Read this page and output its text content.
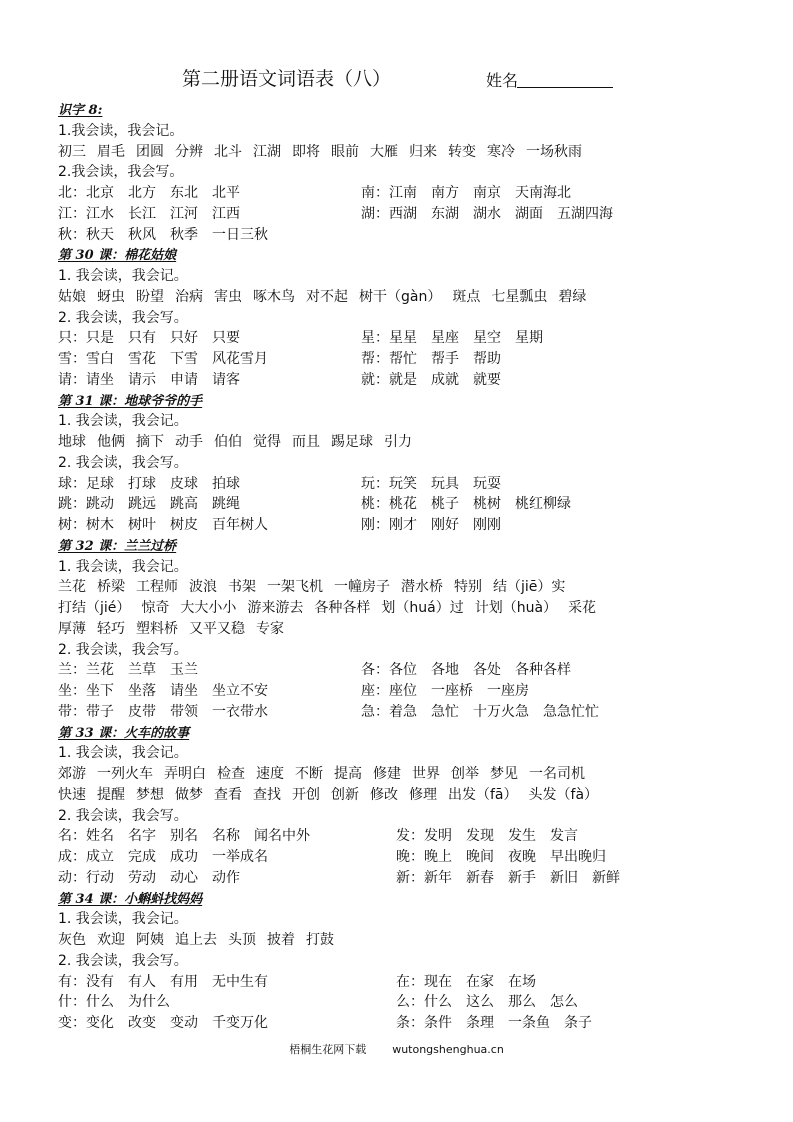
第二册语文词语表（八）	姓名
识字 8:
1.我会读，我会记。
初三 眉毛 团圆 分辨 北斗 江湖 即将 眼前 大雁 归来 转变 寒冷 一场秋雨
2.我会读，我会写。
北：北京　北方　东北　北平	南：江南　南方　南京　天南海北
江：江水　长江　江河　江西	湖：西湖　东湖　湖水　湖面　五湖四海
秋：秋天　秋风　秋季　一日三秋
第 30 课：棉花姑娘
1. 我会读，我会记。
姑娘 蚜虫 盼望 治病 害虫 啄木鸟 对不起 树干（gàn） 斑点 七星瓢虫 碧绿
2. 我会读，我会写。
只：只是　只有　只好　只要	星：星星　星座　星空　星期
雪：雪白　雪花　下雪　风花雪月	帮：帮忙　帮手　帮助
请：请坐　请示　申请　请客	就：就是　成就　就要
第 31 课：地球爷爷的手
1. 我会读，我会记。
地球 他俩 摘下 动手 伯伯 觉得 而且 踢足球 引力
2. 我会读，我会写。
球：足球　打球　皮球　拍球	玩：玩笑　玩具　玩耍
跳：跳动　跳远　跳高　跳绳	桃：桃花　桃子　桃树　桃红柳绿
树：树木　树叶　树皮　百年树人	刚：刚才　刚好　刚刚
第 32 课：兰兰过桥
1. 我会读，我会记。
兰花 桥梁 工程师 波浪 书架 一架飞机 一幢房子 潜水桥 特别 结（jiē）实
打结（jié） 惊奇 大大小小 游来游去 各种各样 划（huá）过 计划（huà） 采花
厚薄 轻巧 塑料桥 又平又稳 专家
2. 我会读，我会写。
兰：兰花　兰草　玉兰	各：各位　各地　各处　各种各样
坐：坐下　坐落　请坐　坐立不安	座：座位　一座桥　一座房
带：带子　皮带　带领　一衣带水	急：着急　急忙　十万火急　急急忙忙
第 33 课：火车的故事
1. 我会读，我会记。
郊游 一列火车 弄明白 检查 速度 不断 提高 修建 世界 创举 梦见 一名司机
快速 提醒 梦想 做梦 查看 查找 开创 创新 修改 修理 出发（fā） 头发（fà）
2. 我会读，我会写。
名：姓名　名字　别名　名称　闻名中外	发：发明　发现　发生　发言
成：成立　完成　成功　一举成名	晚：晚上　晚间　夜晚　早出晚归
动：行动　劳动　动心　动作	新：新年　新春　新手　新旧　新鲜
第 34 课：小蝌蚪找妈妈
1. 我会读，我会记。
灰色 欢迎 阿姨 追上去 头顶 披着 打鼓
2. 我会读，我会写。
有：没有　有人　有用　无中生有	在：现在　在家　在场
什：什么　为什么	么：什么　这么　那么　怎么
变：变化　改变　变动　千变万化	条：条件　条理　一条鱼　条子
梧桐生花网下载 wutongshenghua.cn
